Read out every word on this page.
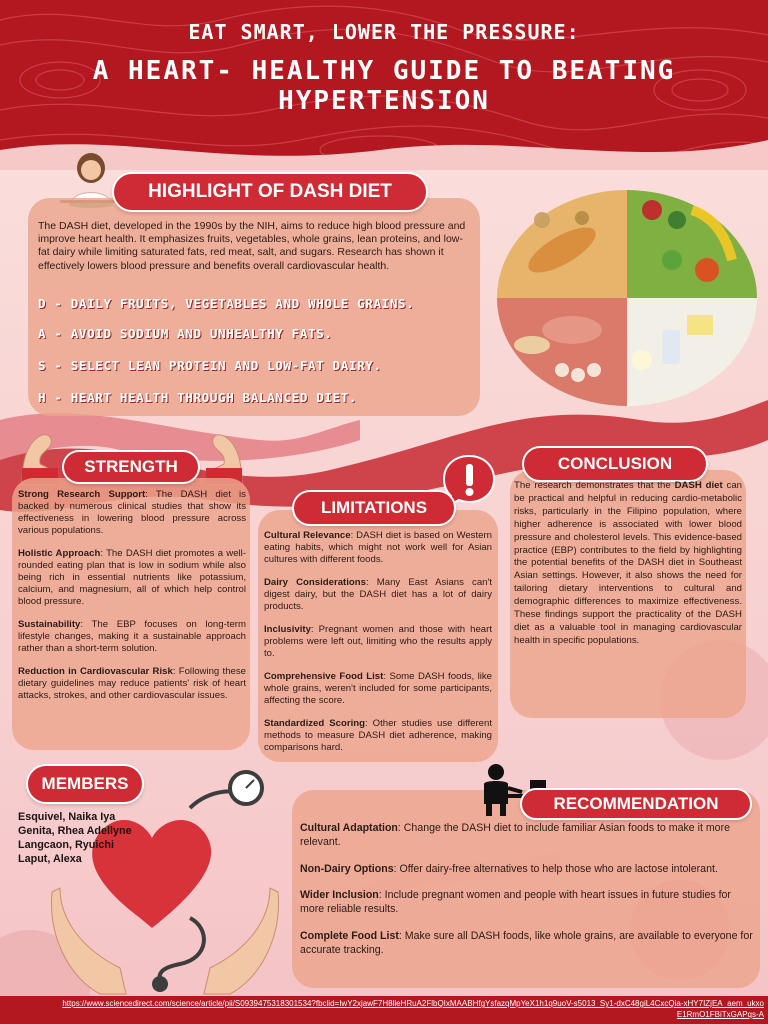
EAT SMART, LOWER THE PRESSURE:
A HEART- HEALTHY GUIDE TO BEATING HYPERTENSION
HIGHLIGHT OF DASH DIET
The DASH diet, developed in the 1990s by the NIH, aims to reduce high blood pressure and improve heart health. It emphasizes fruits, vegetables, whole grains, lean proteins, and low-fat dairy while limiting saturated fats, red meat, salt, and sugars. Research has shown it effectively lowers blood pressure and benefits overall cardiovascular health.
D - DAILY FRUITS, VEGETABLES AND WHOLE GRAINS.
A - AVOID SODIUM AND UNHEALTHY FATS.
S - SELECT LEAN PROTEIN AND LOW-FAT DAIRY.
H - HEART HEALTH THROUGH BALANCED DIET.
STRENGTH

Strong Research Support: The DASH diet is backed by numerous clinical studies that show its effectiveness in lowering blood pressure across various populations.

Holistic Approach: The DASH diet promotes a well-rounded eating plan that is low in sodium while also being rich in essential nutrients like potassium, calcium, and magnesium, all of which help control blood pressure.

Sustainability: The EBP focuses on long-term lifestyle changes, making it a sustainable approach rather than a short-term solution.

Reduction in Cardiovascular Risk: Following these dietary guidelines may reduce patients' risk of heart attacks, strokes, and other cardiovascular issues.

LIMITATIONS

Cultural Relevance: DASH diet is based on Western eating habits, which might not work well for Asian cultures with different foods.

Dairy Considerations: Many East Asians can't digest dairy, but the DASH diet has a lot of dairy products.

Inclusivity: Pregnant women and those with heart problems were left out, limiting who the results apply to.

Comprehensive Food List: Some DASH foods, like whole grains, weren't included for some participants, affecting the score.

Standardized Scoring: Other studies use different methods to measure DASH diet adherence, making comparisons hard.

CONCLUSION

The research demonstrates that the DASH diet can be practical and helpful in reducing cardio-metabolic risks, particularly in the Filipino population, where higher adherence is associated with lower blood pressure and cholesterol levels. This evidence-based practice (EBP) contributes to the field by highlighting the potential benefits of the DASH diet in Southeast Asian settings. However, it also shows the need for tailoring dietary interventions to cultural and demographic differences to maximize effectiveness. These findings support the practicality of the DASH diet as a valuable tool in managing cardiovascular health in specific populations.

MEMBERS
Esquivel, Naika Iya
Genita, Rhea Adellyne
Langcaon, Ryuichi
Laput, Alexa
RECOMMENDATION

Cultural Adaptation: Change the DASH diet to include familiar Asian foods to make it more relevant.

Non-Dairy Options: Offer dairy-free alternatives to help those who are lactose intolerant.

Wider Inclusion: Include pregnant women and people with heart issues in future studies for more reliable results.

Complete Food List: Make sure all DASH foods, like whole grains, are available to everyone for accurate tracking.

https://www.sciencedirect.com/science/article/pii/S0939475318301534?fbclid=IwY2xjawF7H8lleHRuA2FlbQIxMAABHfgYsfazqMpYeX1h1q9uoV-s5013_Sy1-dxC48giL4CxcQia-xHY7IZjEA_aem_ukxoE1RmO1FBiTxGAPqs-A
